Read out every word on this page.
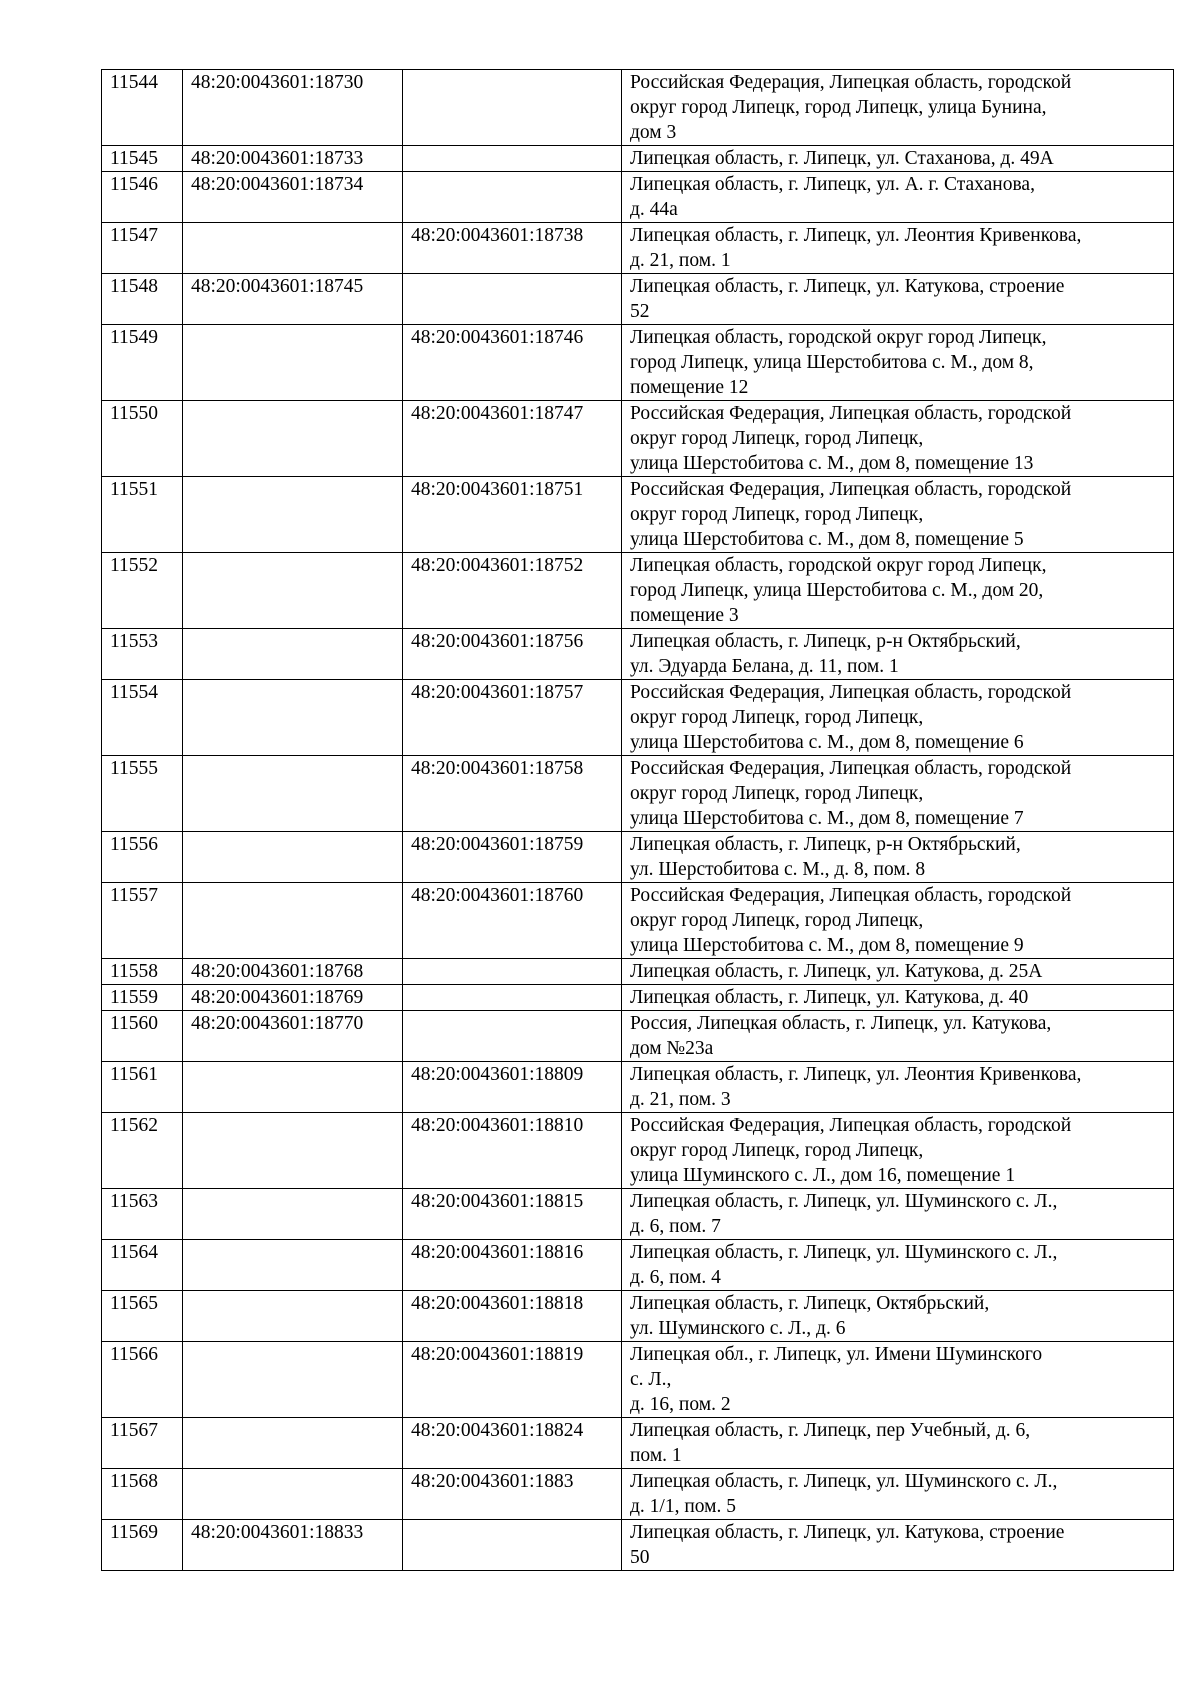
11544	48:20:0043601:18730		Российская Федерация, Липецкая область, городской
округ город Липецк, город Липецк, улица Бунина,
дом 3

11545	48:20:0043601:18733		Липецкая область, г. Липецк, ул. Стаханова, д. 49А

11546	48:20:0043601:18734		Липецкая область, г. Липецк, ул. А. г. Стаханова,
д. 44а

11547		48:20:0043601:18738	Липецкая область, г. Липецк, ул. Леонтия Кривенкова,
д. 21, пом. 1

11548	48:20:0043601:18745		Липецкая область, г. Липецк, ул. Катукова, строение
52

11549		48:20:0043601:18746	Липецкая область, городской округ город Липецк,
город Липецк, улица Шерстобитова с. М., дом 8,
помещение 12

11550		48:20:0043601:18747	Российская Федерация, Липецкая область, городской
округ город Липецк, город Липецк,
улица Шерстобитова с. М., дом 8, помещение 13

11551		48:20:0043601:18751	Российская Федерация, Липецкая область, городской
округ город Липецк, город Липецк,
улица Шерстобитова с. М., дом 8, помещение 5

11552		48:20:0043601:18752	Липецкая область, городской округ город Липецк,
город Липецк, улица Шерстобитова с. М., дом 20,
помещение 3

11553		48:20:0043601:18756	Липецкая область, г. Липецк, р-н Октябрьский,
ул. Эдуарда Белана, д. 11, пом. 1

11554		48:20:0043601:18757	Российская Федерация, Липецкая область, городской
округ город Липецк, город Липецк,
улица Шерстобитова с. М., дом 8, помещение 6

11555		48:20:0043601:18758	Российская Федерация, Липецкая область, городской
округ город Липецк, город Липецк,
улица Шерстобитова с. М., дом 8, помещение 7

11556		48:20:0043601:18759	Липецкая область, г. Липецк, р-н Октябрьский,
ул. Шерстобитова с. М., д. 8, пом. 8

11557		48:20:0043601:18760	Российская Федерация, Липецкая область, городской
округ город Липецк, город Липецк,
улица Шерстобитова с. М., дом 8, помещение 9

11558	48:20:0043601:18768		Липецкая область, г. Липецк, ул. Катукова, д. 25А

11559	48:20:0043601:18769		Липецкая область, г. Липецк, ул. Катукова, д. 40

11560	48:20:0043601:18770		Россия, Липецкая область, г. Липецк, ул. Катукова,
дом №23а

11561		48:20:0043601:18809	Липецкая область, г. Липецк, ул. Леонтия Кривенкова,
д. 21, пом. 3

11562		48:20:0043601:18810	Российская Федерация, Липецкая область, городской
округ город Липецк, город Липецк,
улица Шуминского с. Л., дом 16, помещение 1

11563		48:20:0043601:18815	Липецкая область, г. Липецк, ул. Шуминского с. Л.,
д. 6, пом. 7

11564		48:20:0043601:18816	Липецкая область, г. Липецк, ул. Шуминского с. Л.,
д. 6, пом. 4

11565		48:20:0043601:18818	Липецкая область, г. Липецк, Октябрьский,
ул. Шуминского с. Л., д. 6

11566		48:20:0043601:18819	Липецкая обл., г. Липецк, ул. Имени Шуминского
с. Л.,
д. 16, пом. 2

11567		48:20:0043601:18824	Липецкая область, г. Липецк, пер Учебный, д. 6,
пом. 1

11568		48:20:0043601:1883	Липецкая область, г. Липецк, ул. Шуминского с. Л.,
д. 1/1, пом. 5

11569	48:20:0043601:18833		Липецкая область, г. Липецк, ул. Катукова, строение
50
